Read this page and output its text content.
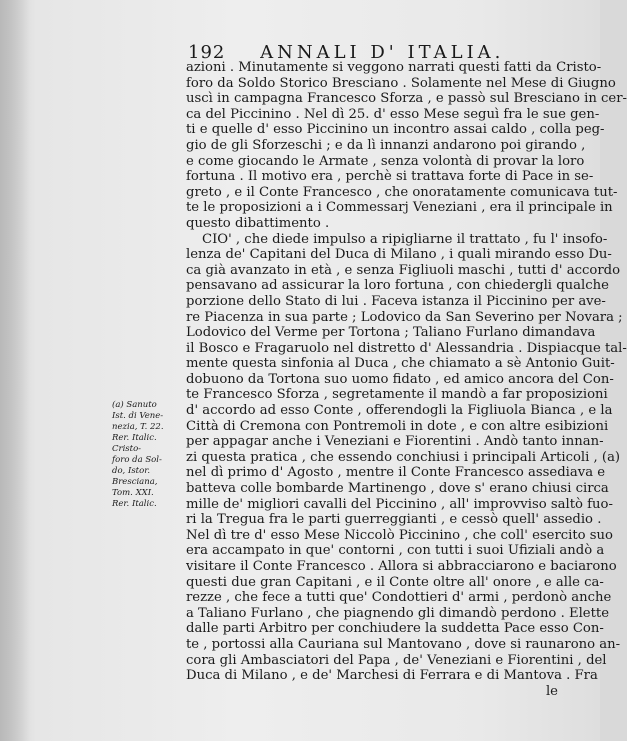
192 ANNALI D' ITALIA.
azioni . Minutamente si veggono narrati questi fatti da Cristo-
foro da Soldo Storico Bresciano . Solamente nel Mese di Giugno
uscì in campagna Francesco Sforza , e passò sul Bresciano in cer-
ca del Piccinino . Nel dì 25. d' esso Mese seguì fra le sue gen-
ti e quelle d' esso Piccinino un incontro assai caldo , colla peg-
gio de gli Sforzeschi ; e da lì innanzi andarono poi girando ,
e come giocando le Armate , senza volontà di provar la loro
fortuna . Il motivo era , perchè si trattava forte di Pace in se-
greto , e il Conte Francesco , che onoratamente comunicava tut-
te le proposizioni a i Commessarj Veneziani , era il principale in
questo dibattimento .
CIO' , che diede impulso a ripigliarne il trattato , fu l' insofo-
lenza de' Capitani del Duca di Milano , i quali mirando esso Du-
ca già avanzato in età , e senza Figliuoli maschi , tutti d' accordo
pensavano ad assicurar la loro fortuna , con chiedergli qualche
porzione dello Stato di lui . Faceva istanza il Piccinino per ave-
re Piacenza in sua parte ; Lodovico da San Severino per Novara ;
Lodovico del Verme per Tortona ; Taliano Furlano dimandava
il Bosco e Fragaruolo nel distretto d' Alessandria . Dispiacque tal-
mente questa sinfonia al Duca , che chiamato a sè Antonio Guit-
dobuono da Tortona suo uomo fidato , ed amico ancora del Con-
te Francesco Sforza , segretamente il mandò a far proposizioni
d' accordo ad esso Conte , offerendogli la Figliuola Bianca , e la
Città di Cremona con Pontremoli in dote , e con altre esibizioni
per appagar anche i Veneziani e Fiorentini . Andò tanto innan-
zi questa pratica , che essendo conchiusi i principali Articoli , (a)
nel dì primo d' Agosto , mentre il Conte Francesco assediava e
batteva colle bombarde Martinengo , dove s' erano chiusi circa
mille de' migliori cavalli del Piccinino , all' improvviso saltò fuo-
ri la Tregua fra le parti guerreggianti , e cessò quell' assedio .
Nel dì tre d' esso Mese Niccolò Piccinino , che coll' esercito suo
era accampato in que' contorni , con tutti i suoi Ufiziali andò a
visitare il Conte Francesco . Allora si abbracciarono e baciarono
questi due gran Capitani , e il Conte oltre all' onore , e alle ca-
rezze , che fece a tutti que' Condottieri d' armi , perdonò anche
a Taliano Furlano , che piagnendo gli dimandò perdono . Elette
dalle parti Arbitro per conchiudere la suddetta Pace esso Con-
te , portossi alla Cauriana sul Mantovano , dove si raunarono an-
cora gli Ambasciatori del Papa , de' Veneziani e Fiorentini , del
Duca di Milano , e de' Marchesi di Ferrara e di Mantova . Fra
le
(a) Sanuto
Ist. di Vene-
nezia, T. 22.
Rer. Italic.
Cristo-
foro da Sol-
do, Istor.
Bresciana,
Tom. XXI.
Rer. Italic.
